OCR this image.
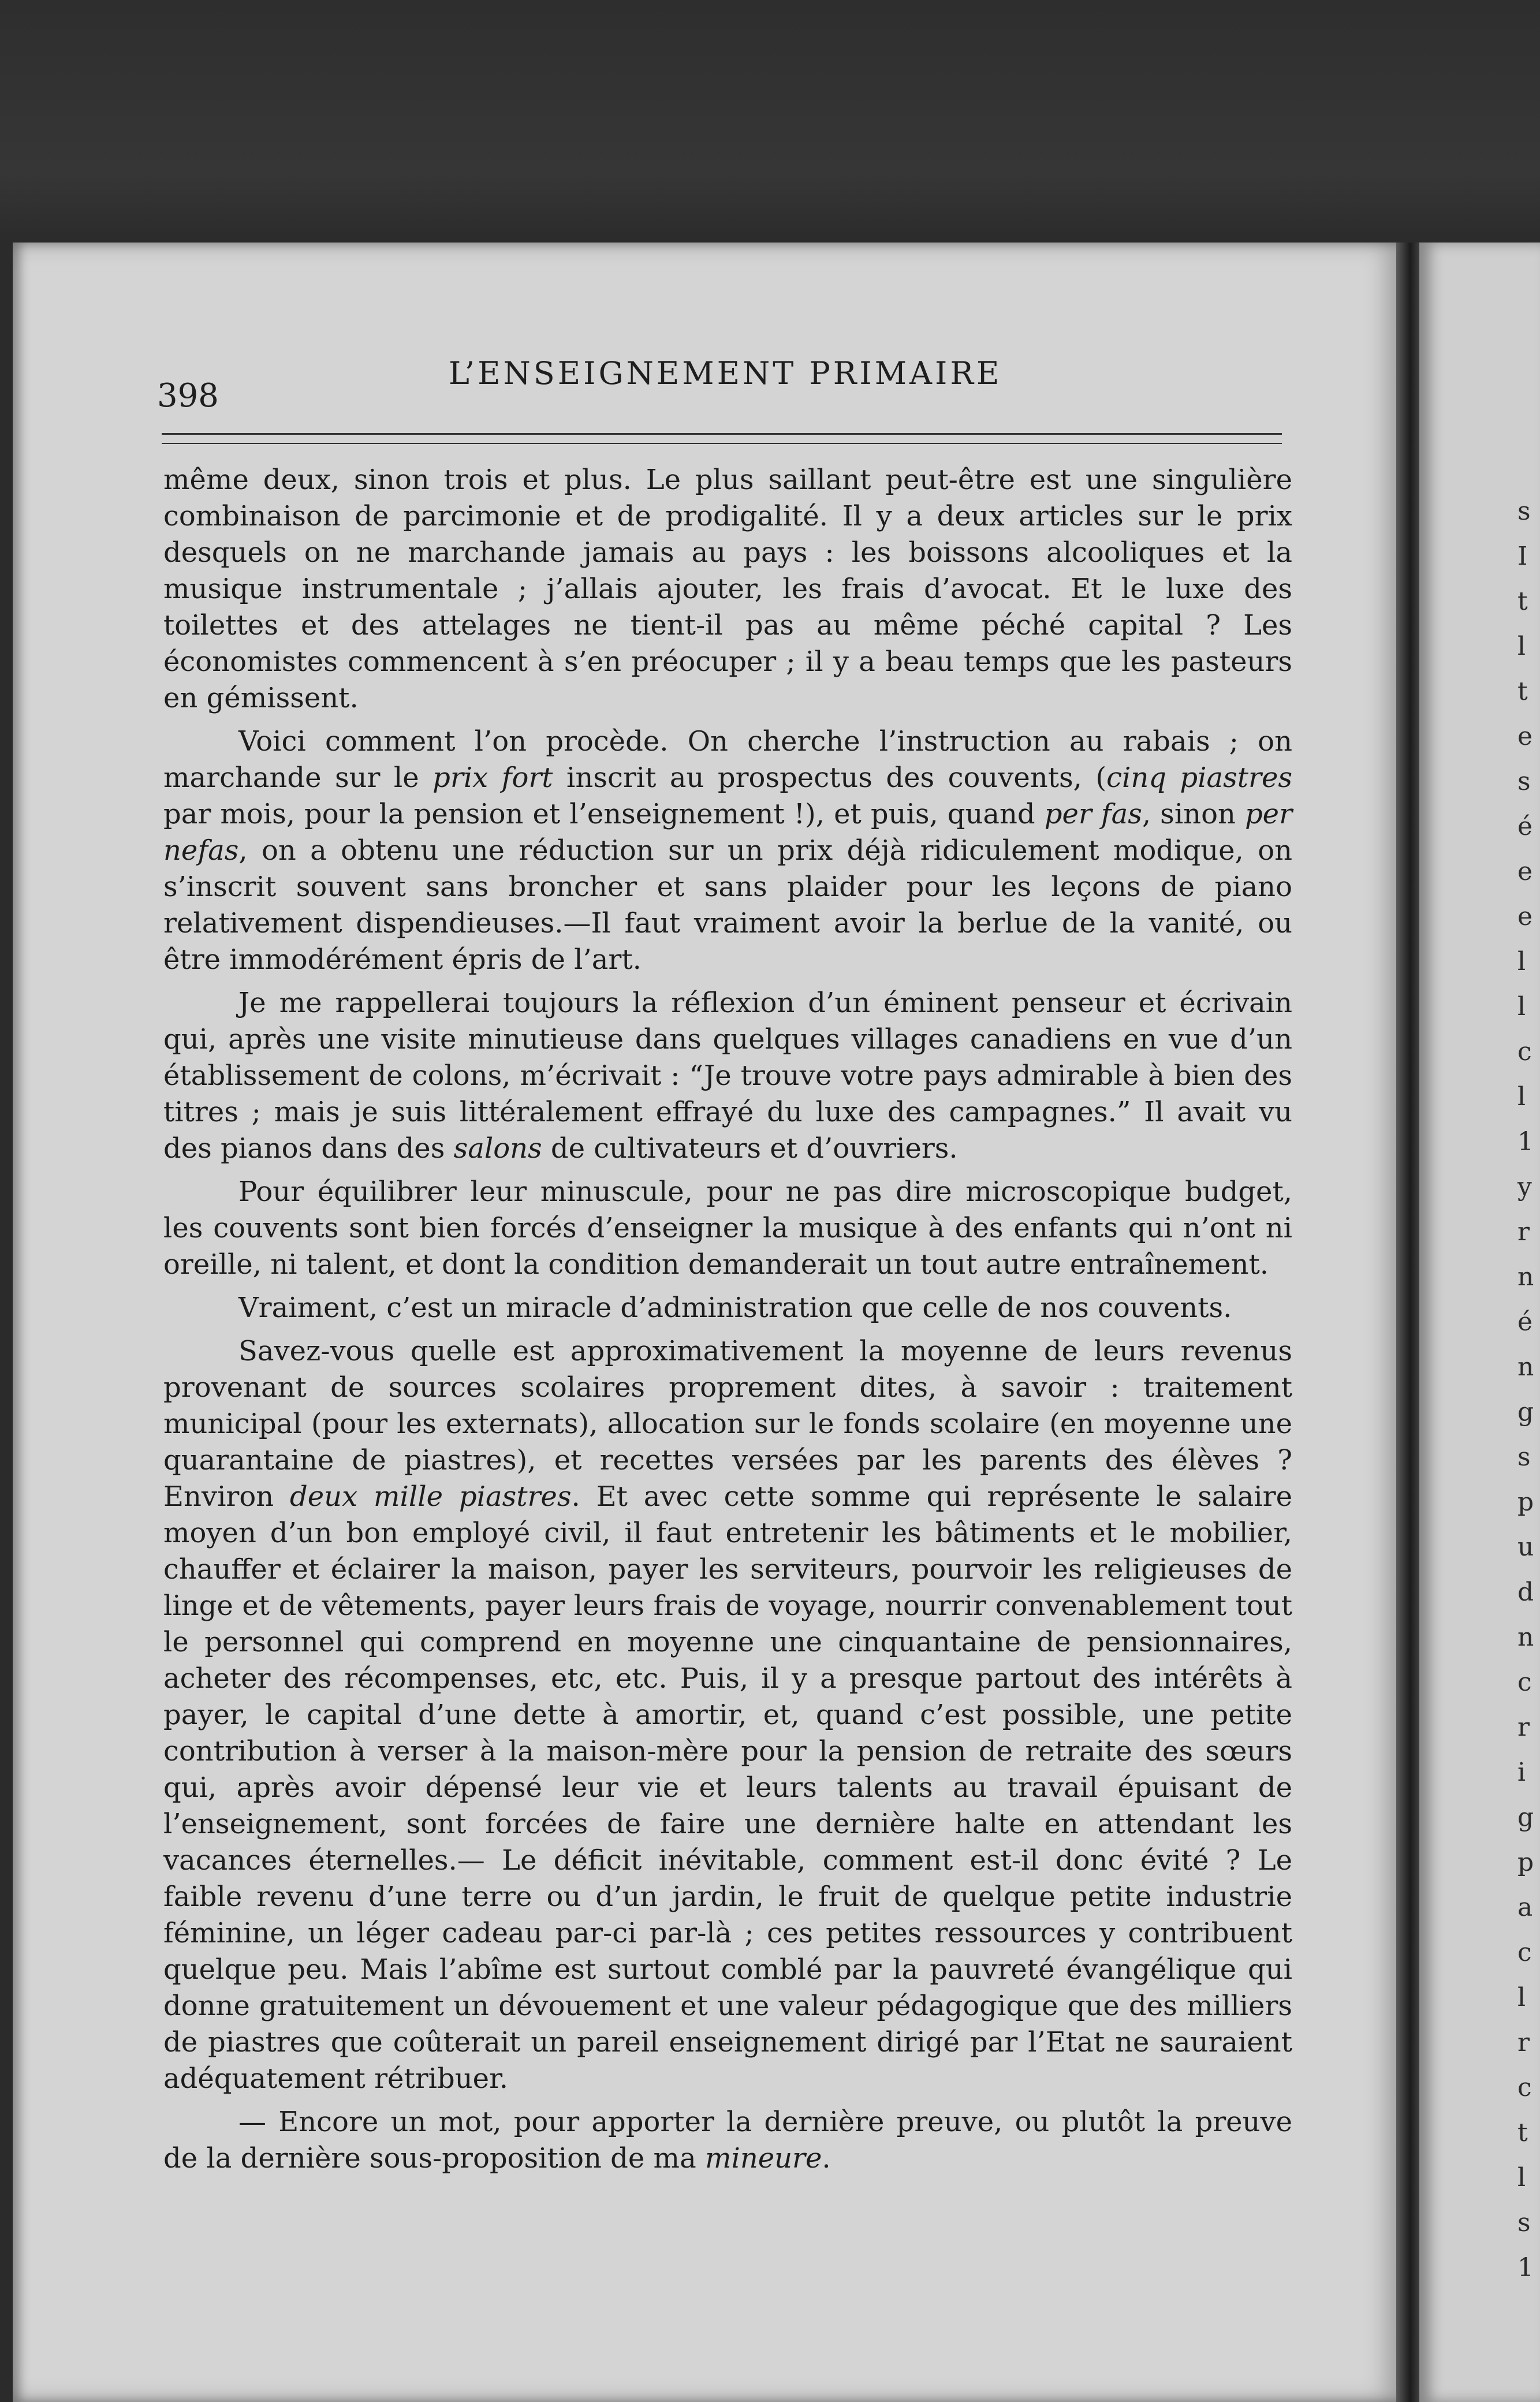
s
I
t
l
t
e
s
é
e
e
l
l
c
l
1
y
r
n
é
n
g
s
p
u
d
n
c
r
i
g
p
a
c
l
r
c
t
l
s
1
398
L’ENSEIGNEMENT PRIMAIRE

même deux, sinon trois et plus. Le plus saillant peut-être est une singulière combinaison de parcimonie et de prodigalité. Il y a deux articles sur le prix desquels on ne marchande jamais au pays : les boissons alcooliques et la musique instrumentale ; j’allais ajouter, les frais d’avocat. Et le luxe des toilettes et des attelages ne tient-il pas au même péché capital ? Les économistes commencent à s’en préocuper ; il y a beau temps que les pasteurs en gémissent.

Voici comment l’on procède. On cherche l’instruction au rabais ; on marchande sur le prix fort inscrit au prospectus des couvents, (cinq piastres par mois, pour la pension et l’enseignement !), et puis, quand per fas, sinon per nefas, on a obtenu une réduction sur un prix déjà ridiculement modique, on s’inscrit souvent sans broncher et sans plaider pour les leçons de piano relativement dispendieuses.—Il faut vraiment avoir la berlue de la vanité, ou être immodérément épris de l’art.

Je me rappellerai toujours la réflexion d’un éminent penseur et écrivain qui, après une visite minutieuse dans quelques villages canadiens en vue d’un établissement de colons, m’écrivait : “Je trouve votre pays admirable à bien des titres ; mais je suis littéralement effrayé du luxe des campagnes.” Il avait vu des pianos dans des salons de cultivateurs et d’ouvriers.

Pour équilibrer leur minuscule, pour ne pas dire microscopique budget, les couvents sont bien forcés d’enseigner la musique à des enfants qui n’ont ni oreille, ni talent, et dont la condition demanderait un tout autre entraînement.

Vraiment, c’est un miracle d’administration que celle de nos couvents.

Savez-vous quelle est approximativement la moyenne de leurs revenus provenant de sources scolaires proprement dites, à savoir : traitement municipal (pour les externats), allocation sur le fonds scolaire (en moyenne une quarantaine de piastres), et recettes versées par les parents des élèves ? Environ deux mille piastres. Et avec cette somme qui représente le salaire moyen d’un bon employé civil, il faut entretenir les bâtiments et le mobilier, chauffer et éclairer la maison, payer les serviteurs, pourvoir les religieuses de linge et de vêtements, payer leurs frais de voyage, nourrir convenablement tout le personnel qui comprend en moyenne une cinquantaine de pensionnaires, acheter des récompenses, etc, etc. Puis, il y a presque partout des intérêts à payer, le capital d’une dette à amortir, et, quand c’est possible, une petite contribution à verser à la maison-mère pour la pension de retraite des sœurs qui, après avoir dépensé leur vie et leurs talents au travail épuisant de l’enseignement, sont forcées de faire une dernière halte en attendant les vacances éternelles.— Le déficit inévitable, comment est-il donc évité ? Le faible revenu d’une terre ou d’un jardin, le fruit de quelque petite industrie féminine, un léger cadeau par-ci par-là ; ces petites ressources y contribuent quelque peu. Mais l’abîme est surtout comblé par la pauvreté évangélique qui donne gratuitement un dévouement et une valeur pédagogique que des milliers de piastres que coûterait un pareil enseignement dirigé par l’Etat ne sauraient adéquatement rétribuer.

— Encore un mot, pour apporter la dernière preuve, ou plutôt la preuve de la dernière sous-proposition de ma mineure.
